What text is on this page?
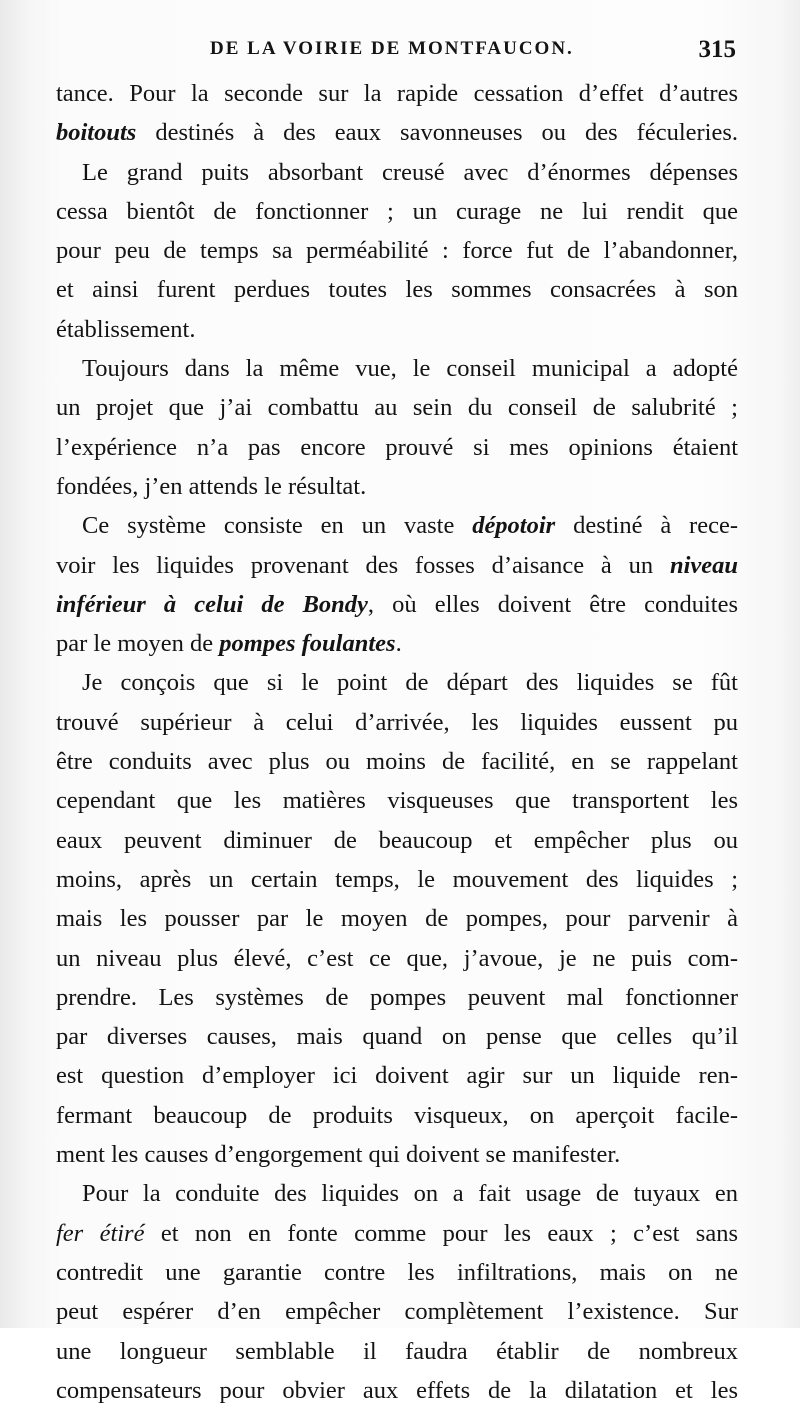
DE LA VOIRIE DE MONTFAUCON.	315
tance. Pour la seconde sur la rapide cessation d’effet d’autres
boitouts destinés à des eaux savonneuses ou des féculeries.
Le grand puits absorbant creusé avec d’énormes dépenses
cessa bientôt de fonctionner ; un curage ne lui rendit que
pour peu de temps sa perméabilité : force fut de l’abandonner,
et ainsi furent perdues toutes les sommes consacrées à son
établissement.
Toujours dans la même vue, le conseil municipal a adopté
un projet que j’ai combattu au sein du conseil de salubrité ;
l’expérience n’a pas encore prouvé si mes opinions étaient
fondées, j’en attends le résultat.
Ce système consiste en un vaste dépotoir destiné à rece-
voir les liquides provenant des fosses d’aisance à un niveau
inférieur à celui de Bondy, où elles doivent être conduites
par le moyen de pompes foulantes.
Je conçois que si le point de départ des liquides se fût
trouvé supérieur à celui d’arrivée, les liquides eussent pu
être conduits avec plus ou moins de facilité, en se rappelant
cependant que les matières visqueuses que transportent les
eaux peuvent diminuer de beaucoup et empêcher plus ou
moins, après un certain temps, le mouvement des liquides ;
mais les pousser par le moyen de pompes, pour parvenir à
un niveau plus élevé, c’est ce que, j’avoue, je ne puis com-
prendre. Les systèmes de pompes peuvent mal fonctionner
par diverses causes, mais quand on pense que celles qu’il
est question d’employer ici doivent agir sur un liquide ren-
fermant beaucoup de produits visqueux, on aperçoit facile-
ment les causes d’engorgement qui doivent se manifester.
Pour la conduite des liquides on a fait usage de tuyaux en
fer étiré et non en fonte comme pour les eaux ; c’est sans
contredit une garantie contre les infiltrations, mais on ne
peut espérer d’en empêcher complètement l’existence. Sur
une longueur semblable il faudra établir de nombreux
compensateurs pour obvier aux effets de la dilatation et les
